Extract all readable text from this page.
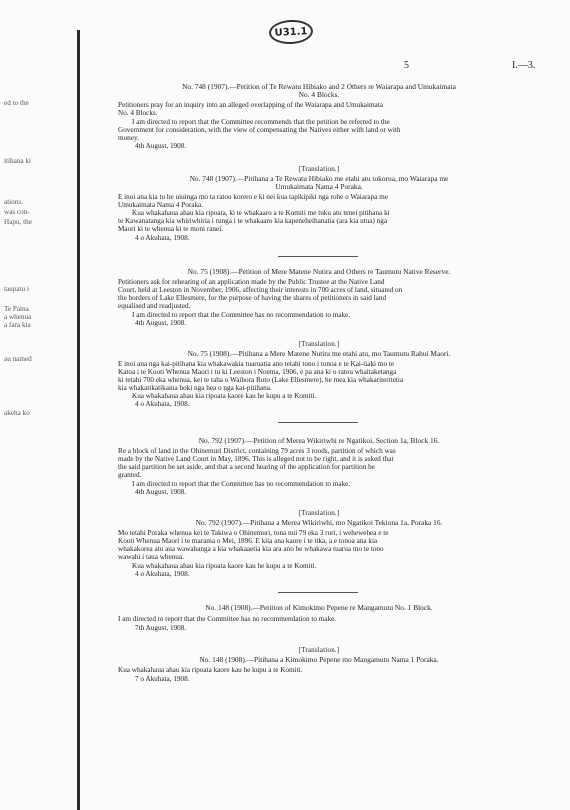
U31.1
5	I.—3.
ed to the
itihana ki
ations.
was con-
Hapu, the
taupatu i
Te Paina
a whenua
a fara kia
au named
akeha ko
No. 748 (1907).—Petition of Te Rewatu Hibiako and 2 Others re Waiarapa and Umukaimata
No. 4 Blocks.
Petitioners pray for an inquiry into an alleged overlapping of the Waiarapa and Umukaimata
No. 4 Blocks.
I am directed to report that the Committee recommends that the petition be referred to the
Government for consideration, with the view of compensating the Natives either with land or with
money.
4th August, 1908.
[Translation.]
No. 748 (1907).—Pitihana a Te Rewatu Hibiako me etahi atu tokorua, mo Waiarapa me
Umukaimata Nama 4 Poraka.
E inoi ana kia tu he uiuinga mo ta ratou korero e ki nei kua tapikipiki nga rohe o Waiarapa me
Umukaimata Nama 4 Poraka.
Kua whakahaua ahau kia ripoata, ki te whakaaro a te Komiti me tuku atu tenei pitihana ki
te Kawanatanga kia whiriwhiria i runga i te whakaaro kia kapeneheihanatia (ara kia utua) nga
Maori ki te whenua ki te moni ranei.
4 o Akuhata, 1908.
No. 75 (1908).—Petition of Mere Matene Nutira and Others re Taumutu Native Reserve.
Petitioners ask for rehearing of an application made by the Public Trustee at the Native Land
Court, held at Leeston in November, 1906, affecting their interests in 700 acres of land, situated on
the borders of Lake Ellesmere, for the purpose of having the shares of petitioners in said land
equalised and readjusted.
I am directed to report that the Committee has no recommendation to make.
4th August, 1908.
[Translation.]
No. 75 (1908).—Pitihana a Mere Matene Nutira me etahi atu, mo Taumutu Rahui Maori.
E inoi ana nga kai-pitihana kia whakawakia tuaruatia ano tetahi tono i tonoa e te Kai-tiaki mo te
Katoa i te Kooti Whenua Maori i tu ki Leeston i Noema, 1906, e pa ana ki o ratou whaitaketanga
ki tetahi 700 eka whenua, kei te taha o Waihora Roto (Lake Ellesmere), he mea kia whakariteritetia
kia whakatikatikaina hoki nga hea o nga kai-pitihana.
Kua whakahaua ahau kia ripoata kaore kau he kupu a te Komiti.
4 o Akuhata, 1908.
No. 792 (1907).—Petition of Merea Wikiriwhi re Ngatikoi, Section 1a, Block 16.
Re a block of land in the Ohinemuri District, containing 79 acres 3 roods, partition of which was
made by the Native Land Court in May, 1896. This is alleged not to be right, and it is asked that
the said partition be set aside, and that a second hearing of the application for partition be
granted.
I am directed to report that the Committee has no recommendation to make.
4th August, 1908.
[Translation.]
No. 792 (1907).—Pitihana a Merea Wikiriwhi, mo Ngatikoi Tekiona 1a, Poraka 16.
Mo tetahi Poraka whenua kei te Takiwa o Ohinemuri, tona nui 79 eka 3 ruri, i wehewehea e te
Kooti Whenua Maori i te marama o Mei, 1896. E kiia ana kaore i te tika, a e tonoa ana kia
whakakorea atu aua wawahanga a kia whakaaetia kia ara ano he whakawa tuarua mo te tono
wawahi i taua whenua.
Kua whakahaua ahau kia ripoata kaore kau he kupu a te Komiti.
4 o Akuhata, 1908.
No. 148 (1908).—Petition of Kimokimo Pepene re Mangamutu No. 1 Block.
I am directed to report that the Committee has no recommendation to make.
7th August, 1908.
[Translation.]
No. 148 (1908).—Pitihana a Kimokimo Pepene mo Mangamutu Nama 1 Poraka.
Kua whakahaua ahau kia ripoata kaore kau he kupu a te Komiti.
7 o Akuhata, 1908.
